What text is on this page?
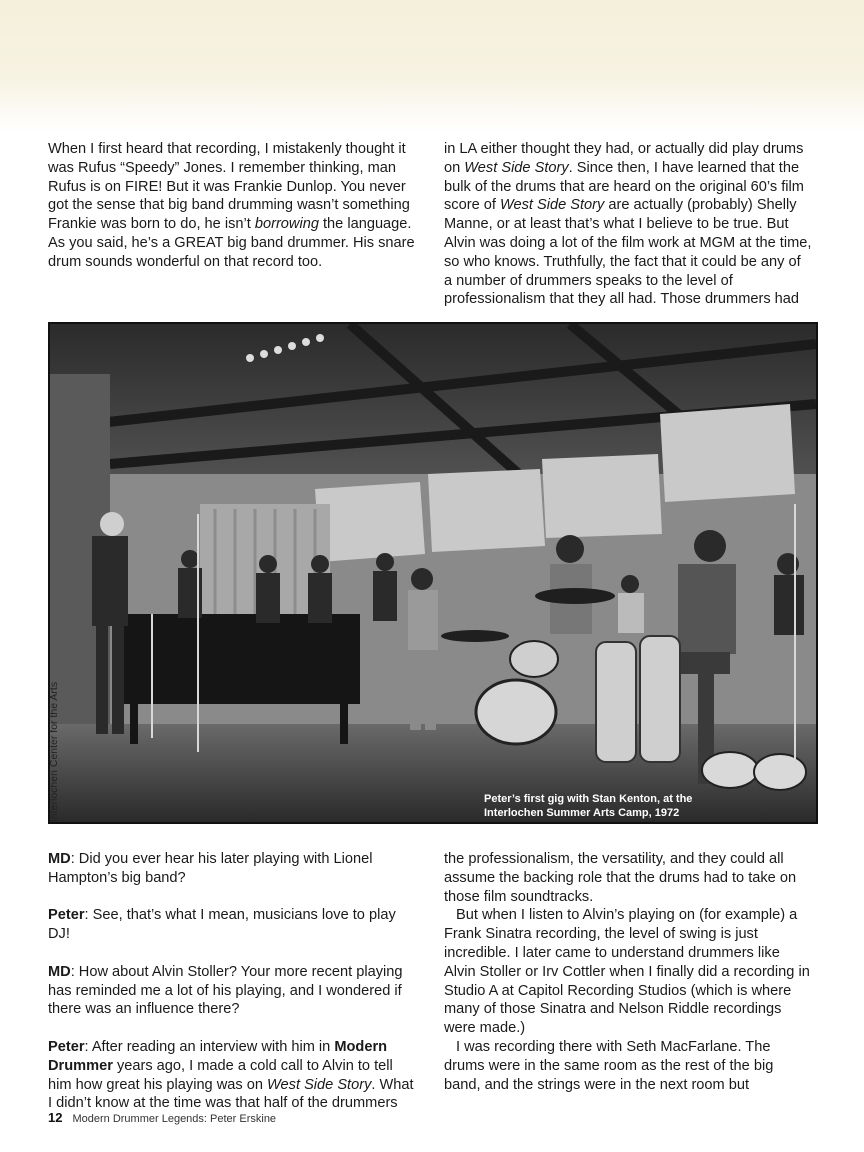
When I first heard that recording, I mistakenly thought it was Rufus “Speedy” Jones. I remember thinking, man Rufus is on FIRE! But it was Frankie Dunlop. You never got the sense that big band drumming wasn’t something Frankie was born to do, he isn’t borrowing the language. As you said, he’s a GREAT big band drummer. His snare drum sounds wonderful on that record too.

in LA either thought they had, or actually did play drums on West Side Story. Since then, I have learned that the bulk of the drums that are heard on the original 60’s film score of West Side Story are actually (probably) Shelly Manne, or at least that’s what I believe to be true. But Alvin was doing a lot of the film work at MGM at the time, so who knows. Truthfully, the fact that it could be any of a number of drummers speaks to the level of professionalism that they all had. Those drummers had

Interlochen Center for the Arts	Peter’s first gig with Stan Kenton, at the
Interlochen Summer Arts Camp, 1972

MD: Did you ever hear his later playing with Lionel Hampton’s big band?

Peter: See, that’s what I mean, musicians love to play DJ!

MD: How about Alvin Stoller? Your more recent playing has reminded me a lot of his playing, and I wondered if there was an influence there?

Peter: After reading an interview with him in Modern Drummer years ago, I made a cold call to Alvin to tell him how great his playing was on West Side Story. What I didn’t know at the time was that half of the drummers

the professionalism, the versatility, and they could all assume the backing role that the drums had to take on those film soundtracks.

But when I listen to Alvin’s playing on (for example) a Frank Sinatra recording, the level of swing is just incredible. I later came to understand drummers like Alvin Stoller or Irv Cottler when I finally did a recording in Studio A at Capitol Recording Studios (which is where many of those Sinatra and Nelson Riddle recordings were made.)

I was recording there with Seth MacFarlane. The drums were in the same room as the rest of the big band, and the strings were in the next room but

12 Modern Drummer Legends: Peter Erskine
